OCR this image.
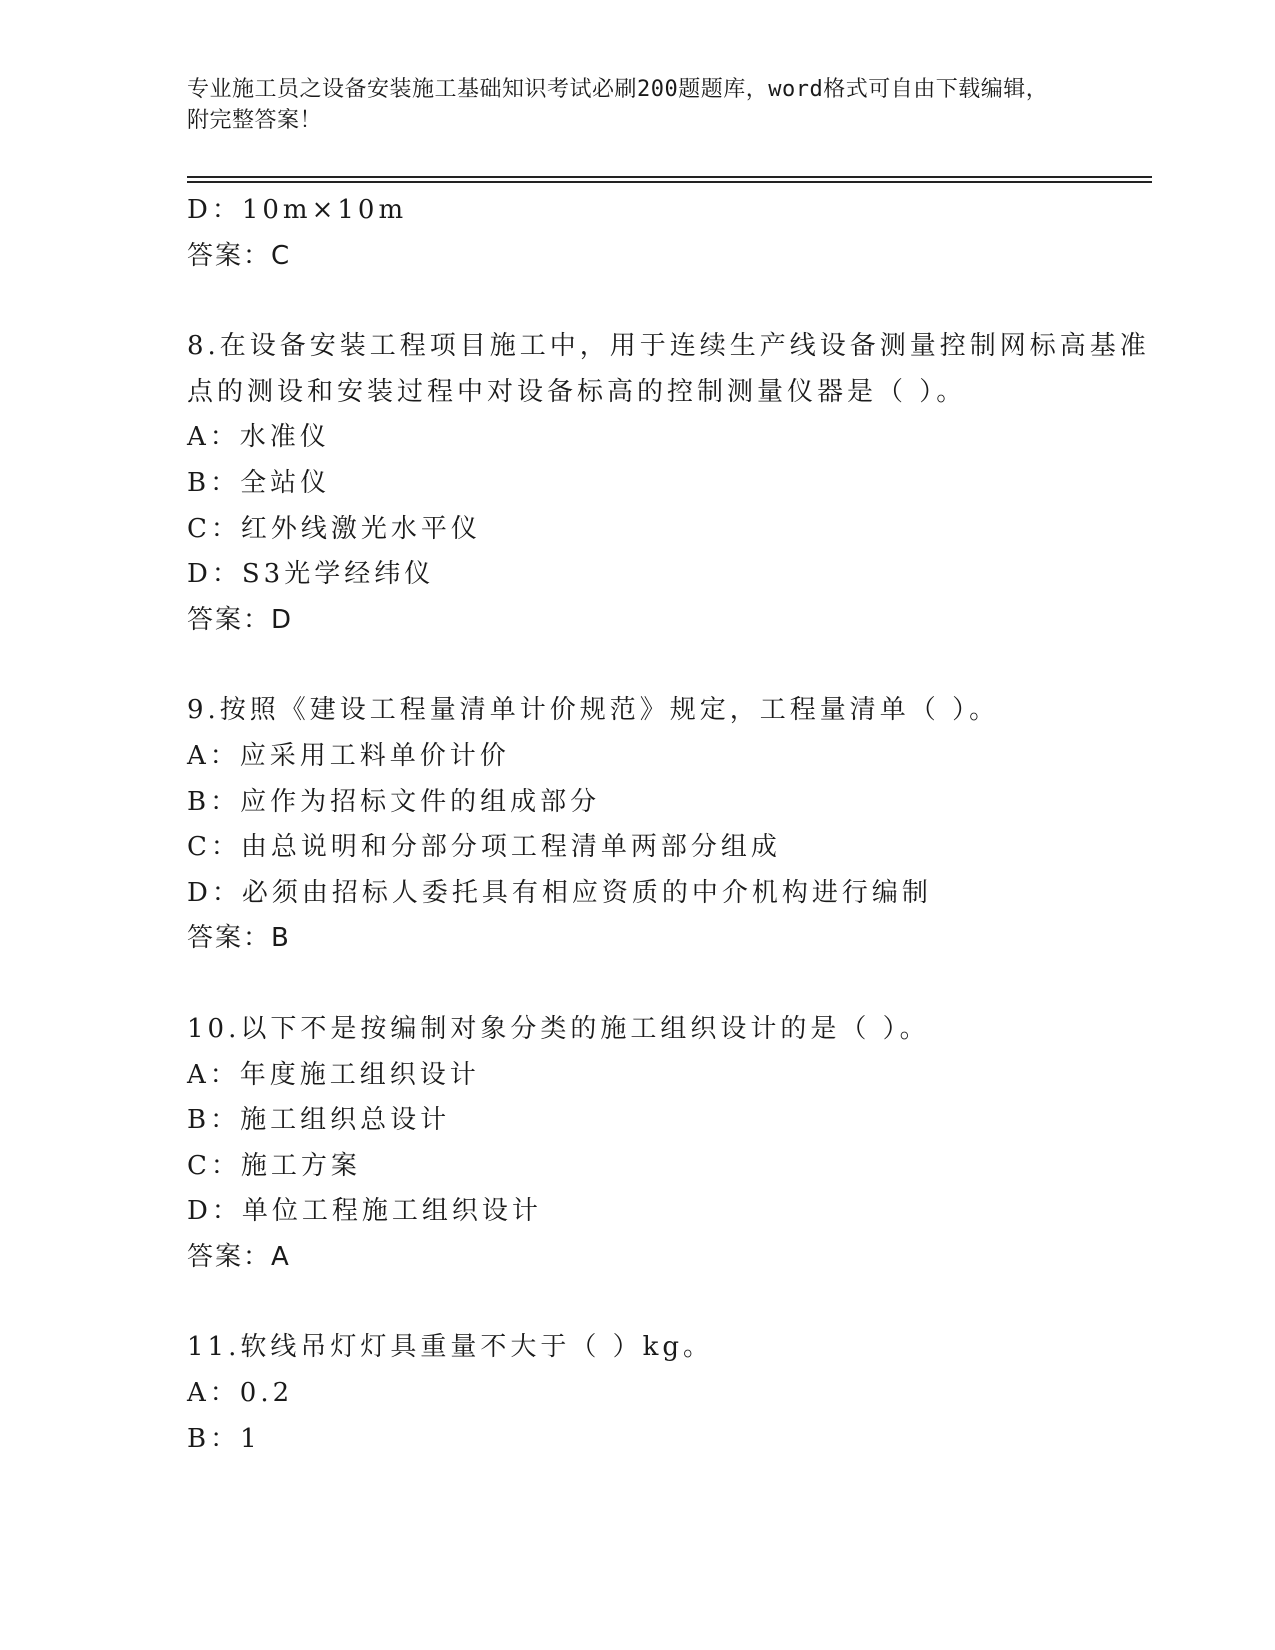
专业施工员之设备安装施工基础知识考试必刷200题题库，word格式可自由下载编辑，附完整答案！
D：10m×10m
答案：C
8.在设备安装工程项目施工中，用于连续生产线设备测量控制网标高基准点的测设和安装过程中对设备标高的控制测量仪器是（ ）。
A：水准仪
B：全站仪
C：红外线激光水平仪
D：S3光学经纬仪
答案：D
9.按照《建设工程量清单计价规范》规定，工程量清单（ ）。
A：应采用工料单价计价
B：应作为招标文件的组成部分
C：由总说明和分部分项工程清单两部分组成
D：必须由招标人委托具有相应资质的中介机构进行编制
答案：B
10.以下不是按编制对象分类的施工组织设计的是（ ）。
A：年度施工组织设计
B：施工组织总设计
C：施工方案
D：单位工程施工组织设计
答案：A
11.软线吊灯灯具重量不大于（ ）kg。
A：0.2
B：1
